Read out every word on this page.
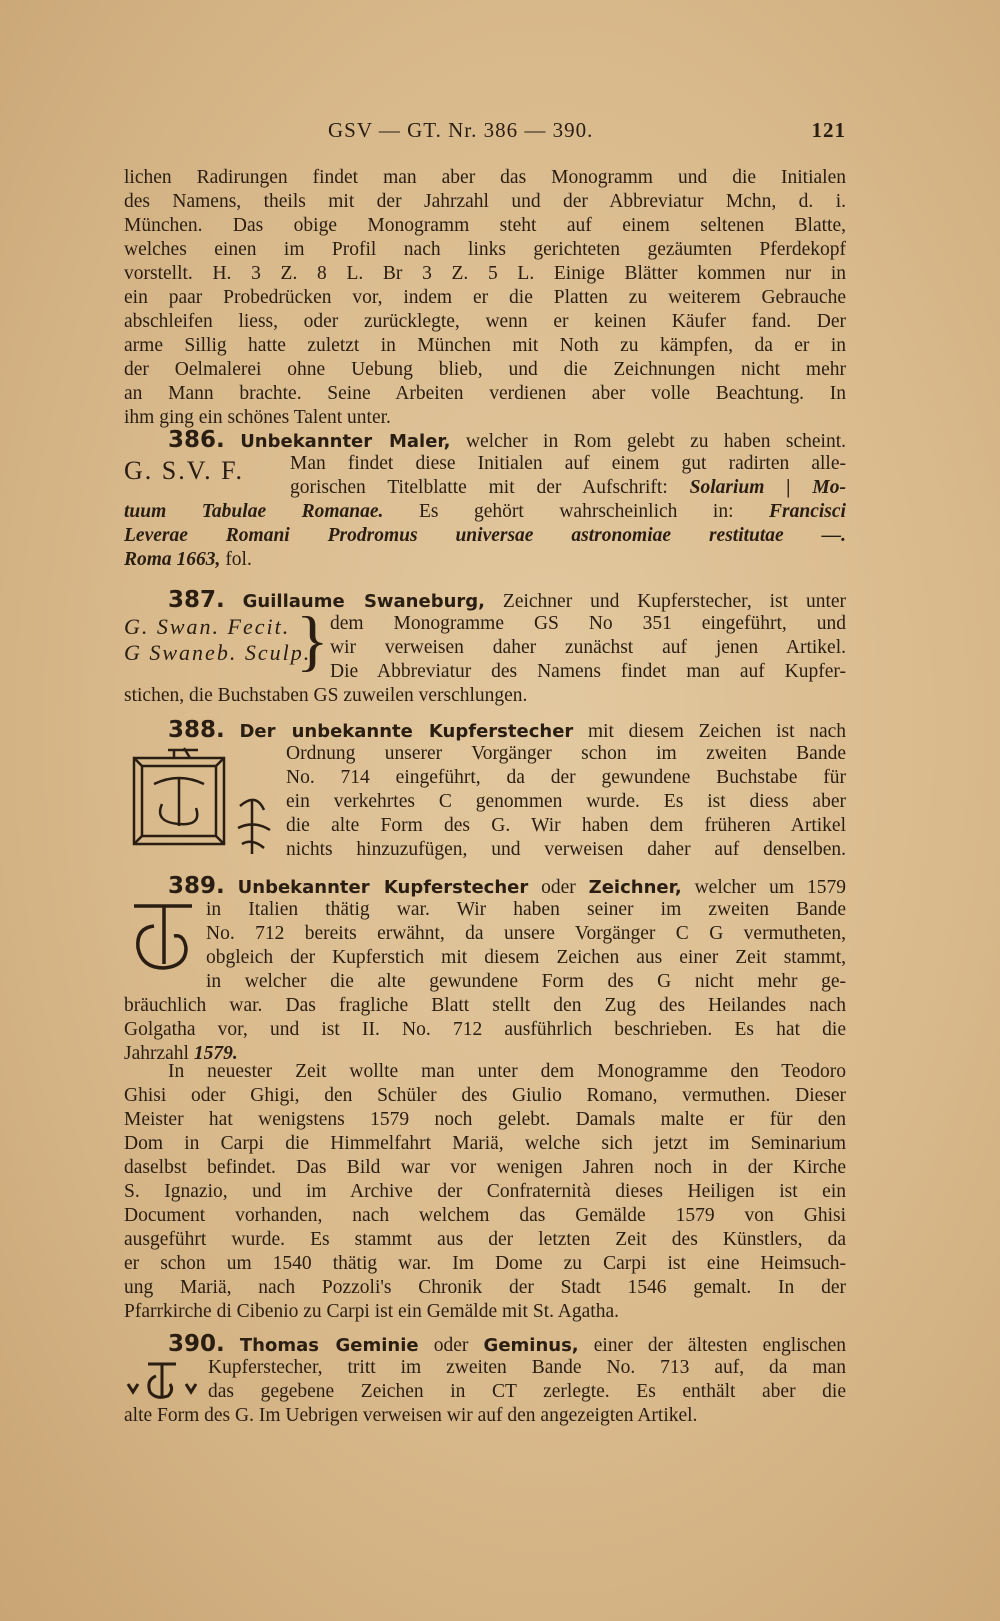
GSV — GT. Nr. 386 — 390.	121
lichen Radirungen findet man aber das Monogramm und die Initialen
des Namens, theils mit der Jahrzahl und der Abbreviatur Mchn, d. i.
München. Das obige Monogramm steht auf einem seltenen Blatte,
welches einen im Profil nach links gerichteten gezäumten Pferdekopf
vorstellt. H. 3 Z. 8 L. Br 3 Z. 5 L. Einige Blätter kommen nur in
ein paar Probedrücken vor, indem er die Platten zu weiterem Gebrauche
abschleifen liess, oder zurücklegte, wenn er keinen Käufer fand. Der
arme Sillig hatte zuletzt in München mit Noth zu kämpfen, da er in
der Oelmalerei ohne Uebung blieb, und die Zeichnungen nicht mehr
an Mann brachte. Seine Arbeiten verdienen aber volle Beachtung. In
ihm ging ein schönes Talent unter.
386. Unbekannter Maler, welcher in Rom gelebt zu haben scheint.
G. S.V. F. Man findet diese Initialen auf einem gut radirten alle-
gorischen Titelblatte mit der Aufschrift: Solarium | Mo-
tuum Tabulae Romanae. Es gehört wahrscheinlich in: Francisci
Leverae Romani Prodromus universae astronomiae restitutae —.
Roma 1663, fol.
387. Guillaume Swaneburg, Zeichner und Kupferstecher, ist unter
G. Swan. Fecit.
G Swaneb. Sculp.
} dem Monogramme GS No 351 eingeführt, und
wir verweisen daher zunächst auf jenen Artikel.
Die Abbreviatur des Namens findet man auf Kupfer-
stichen, die Buchstaben GS zuweilen verschlungen.
388. Der unbekannte Kupferstecher mit diesem Zeichen ist nach
Ordnung unserer Vorgänger schon im zweiten Bande
No. 714 eingeführt, da der gewundene Buchstabe für
ein verkehrtes C genommen wurde. Es ist diess aber
die alte Form des G. Wir haben dem früheren Artikel
nichts hinzuzufügen, und verweisen daher auf denselben.
389. Unbekannter Kupferstecher oder Zeichner, welcher um 1579
in Italien thätig war. Wir haben seiner im zweiten Bande
No. 712 bereits erwähnt, da unsere Vorgänger C G vermutheten,
obgleich der Kupferstich mit diesem Zeichen aus einer Zeit stammt,
in welcher die alte gewundene Form des G nicht mehr ge-
bräuchlich war. Das fragliche Blatt stellt den Zug des Heilandes nach
Golgatha vor, und ist II. No. 712 ausführlich beschrieben. Es hat die
Jahrzahl 1579.
In neuester Zeit wollte man unter dem Monogramme den Teodoro
Ghisi oder Ghigi, den Schüler des Giulio Romano, vermuthen. Dieser
Meister hat wenigstens 1579 noch gelebt. Damals malte er für den
Dom in Carpi die Himmelfahrt Mariä, welche sich jetzt im Seminarium
daselbst befindet. Das Bild war vor wenigen Jahren noch in der Kirche
S. Ignazio, und im Archive der Confraternità dieses Heiligen ist ein
Document vorhanden, nach welchem das Gemälde 1579 von Ghisi
ausgeführt wurde. Es stammt aus der letzten Zeit des Künstlers, da
er schon um 1540 thätig war. Im Dome zu Carpi ist eine Heimsuch-
ung Mariä, nach Pozzoli's Chronik der Stadt 1546 gemalt. In der
Pfarrkirche di Cibenio zu Carpi ist ein Gemälde mit St. Agatha.
390. Thomas Geminie oder Geminus, einer der ältesten englischen
Kupferstecher, tritt im zweiten Bande No. 713 auf, da man
das gegebene Zeichen in CT zerlegte. Es enthält aber die
alte Form des G. Im Uebrigen verweisen wir auf den angezeigten Artikel.
